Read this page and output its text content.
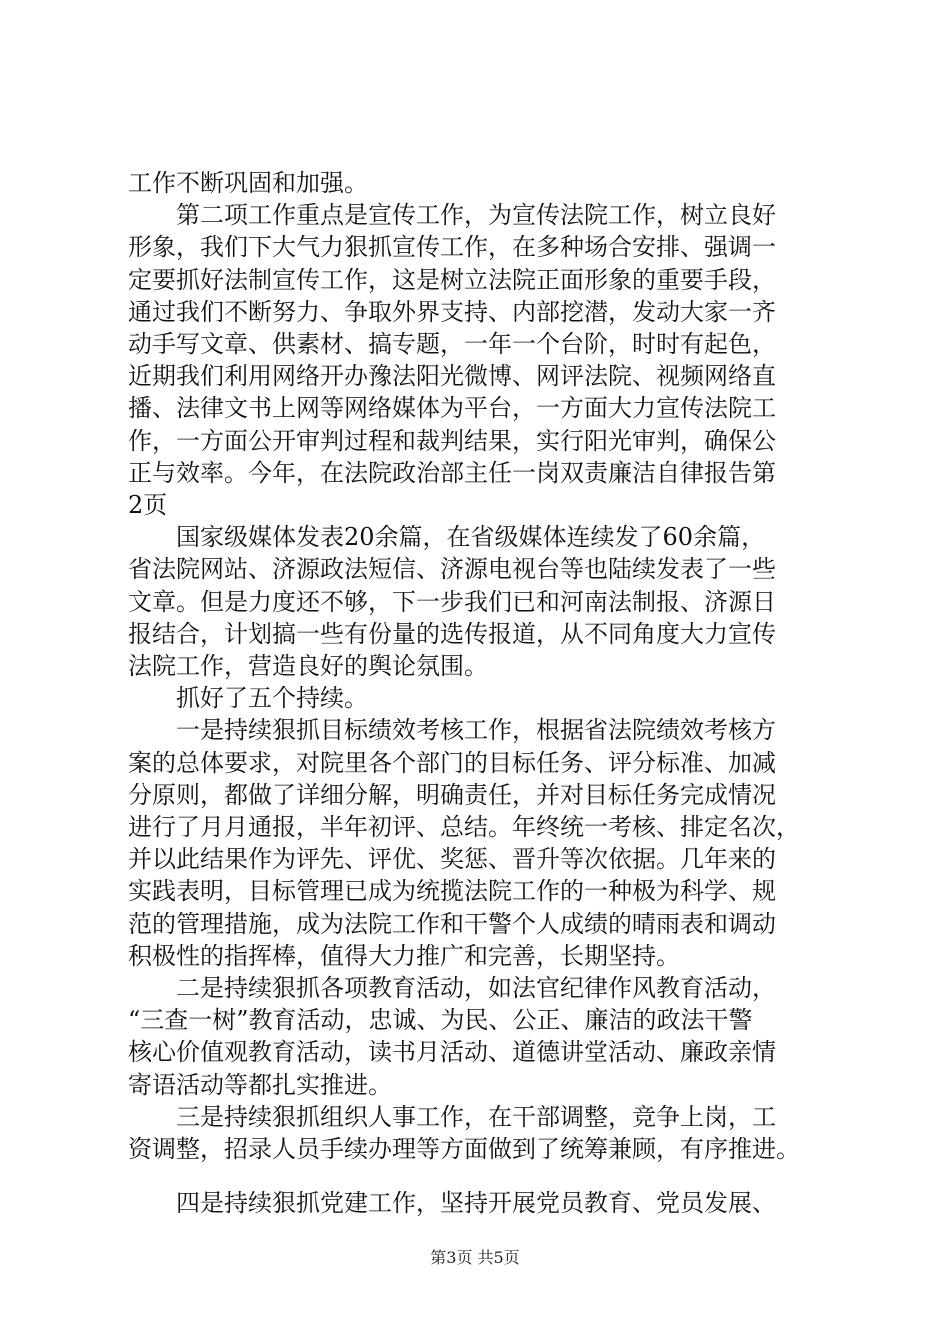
工作不断巩固和加强。
　　第二项工作重点是宣传工作，为宣传法院工作，树立良好
形象，我们下大气力狠抓宣传工作，在多种场合安排、强调一
定要抓好法制宣传工作，这是树立法院正面形象的重要手段，
通过我们不断努力、争取外界支持、内部挖潜，发动大家一齐
动手写文章、供素材、搞专题，一年一个台阶，时时有起色，
近期我们利用网络开办豫法阳光微博、网评法院、视频网络直
播、法律文书上网等网络媒体为平台，一方面大力宣传法院工
作，一方面公开审判过程和裁判结果，实行阳光审判，确保公
正与效率。今年，在法院政治部主任一岗双责廉洁自律报告第
2页
　　国家级媒体发表20余篇，在省级媒体连续发了60余篇，
省法院网站、济源政法短信、济源电视台等也陆续发表了一些
文章。但是力度还不够，下一步我们已和河南法制报、济源日
报结合，计划搞一些有份量的选传报道，从不同角度大力宣传
法院工作，营造良好的舆论氛围。
　　抓好了五个持续。
　　一是持续狠抓目标绩效考核工作，根据省法院绩效考核方
案的总体要求，对院里各个部门的目标任务、评分标准、加减
分原则，都做了详细分解，明确责任，并对目标任务完成情况
进行了月月通报，半年初评、总结。年终统一考核、排定名次，
并以此结果作为评先、评优、奖惩、晋升等次依据。几年来的
实践表明，目标管理已成为统揽法院工作的一种极为科学、规
范的管理措施，成为法院工作和干警个人成绩的晴雨表和调动
积极性的指挥棒，值得大力推广和完善，长期坚持。
　　二是持续狠抓各项教育活动，如法官纪律作风教育活动，
“三查一树”教育活动，忠诚、为民、公正、廉洁的政法干警
核心价值观教育活动，读书月活动、道德讲堂活动、廉政亲情
寄语活动等都扎实推进。
　　三是持续狠抓组织人事工作，在干部调整，竞争上岗，工
资调整，招录人员手续办理等方面做到了统筹兼顾，有序推进。
　　四是持续狠抓党建工作，坚持开展党员教育、党员发展、
第3页 共5页
